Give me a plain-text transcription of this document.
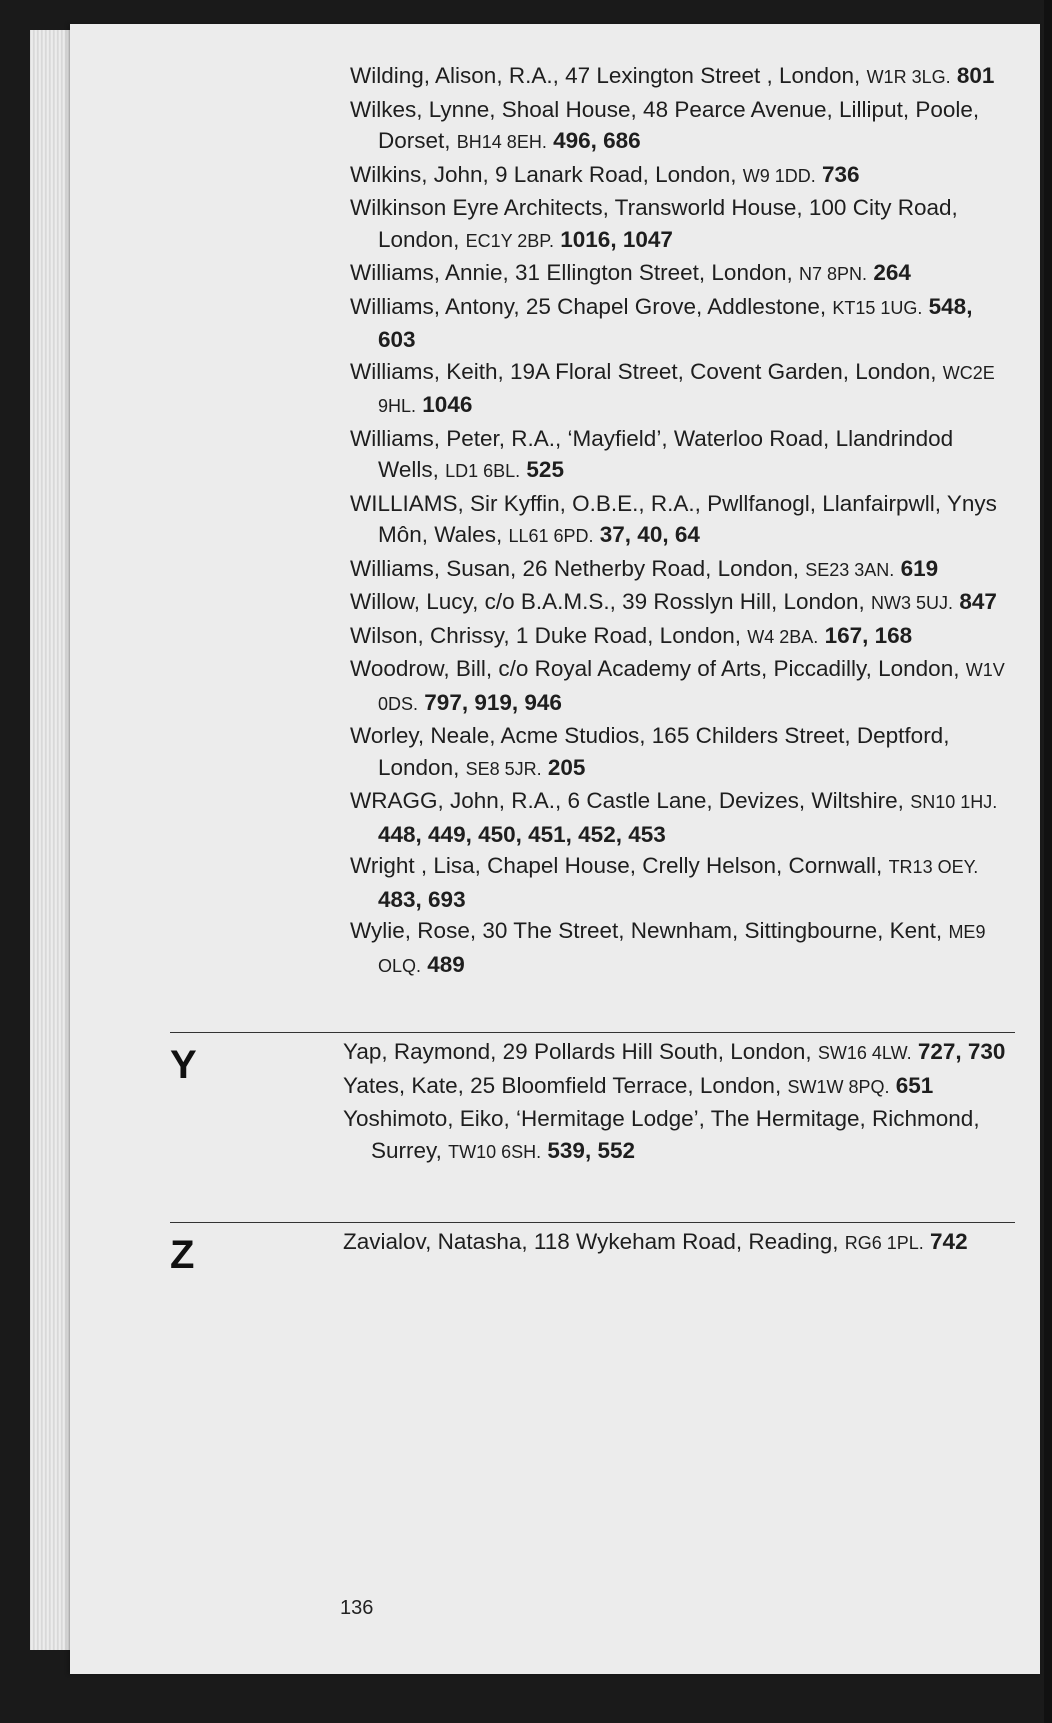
Wilding, Alison, R.A., 47 Lexington Street , London, W1R 3LG. 801
Wilkes, Lynne, Shoal House, 48 Pearce Avenue, Lilliput, Poole, Dorset, BH14 8EH. 496, 686
Wilkins, John, 9 Lanark Road, London, W9 1DD. 736
Wilkinson Eyre Architects, Transworld House, 100 City Road, London, EC1Y 2BP. 1016, 1047
Williams, Annie, 31 Ellington Street, London, N7 8PN. 264
Williams, Antony, 25 Chapel Grove, Addlestone, KT15 1UG. 548, 603
Williams, Keith, 19A Floral Street, Covent Garden, London, WC2E 9HL. 1046
Williams, Peter, R.A., ‘Mayfield’, Waterloo Road, Llandrindod Wells, LD1 6BL. 525
WILLIAMS, Sir Kyffin, O.B.E., R.A., Pwllfanogl, Llanfairpwll, Ynys Môn, Wales, LL61 6PD. 37, 40, 64
Williams, Susan, 26 Netherby Road, London, SE23 3AN. 619
Willow, Lucy, c/o B.A.M.S., 39 Rosslyn Hill, London, NW3 5UJ. 847
Wilson, Chrissy, 1 Duke Road, London, W4 2BA. 167, 168
Woodrow, Bill, c/o Royal Academy of Arts, Piccadilly, London, W1V 0DS. 797, 919, 946
Worley, Neale, Acme Studios, 165 Childers Street, Deptford, London, SE8 5JR. 205
WRAGG, John, R.A., 6 Castle Lane, Devizes, Wiltshire, SN10 1HJ. 448, 449, 450, 451, 452, 453
Wright , Lisa, Chapel House, Crelly Helson, Cornwall, TR13 OEY. 483, 693
Wylie, Rose, 30 The Street, Newnham, Sittingbourne, Kent, ME9 OLQ. 489
Y	Yap, Raymond, 29 Pollards Hill South, London, SW16 4LW. 727, 730
Yates, Kate, 25 Bloomfield Terrace, London, SW1W 8PQ. 651
Yoshimoto, Eiko, ‘Hermitage Lodge’, The Hermitage, Richmond, Surrey, TW10 6SH. 539, 552
Z	Zavialov, Natasha, 118 Wykeham Road, Reading, RG6 1PL. 742
136
